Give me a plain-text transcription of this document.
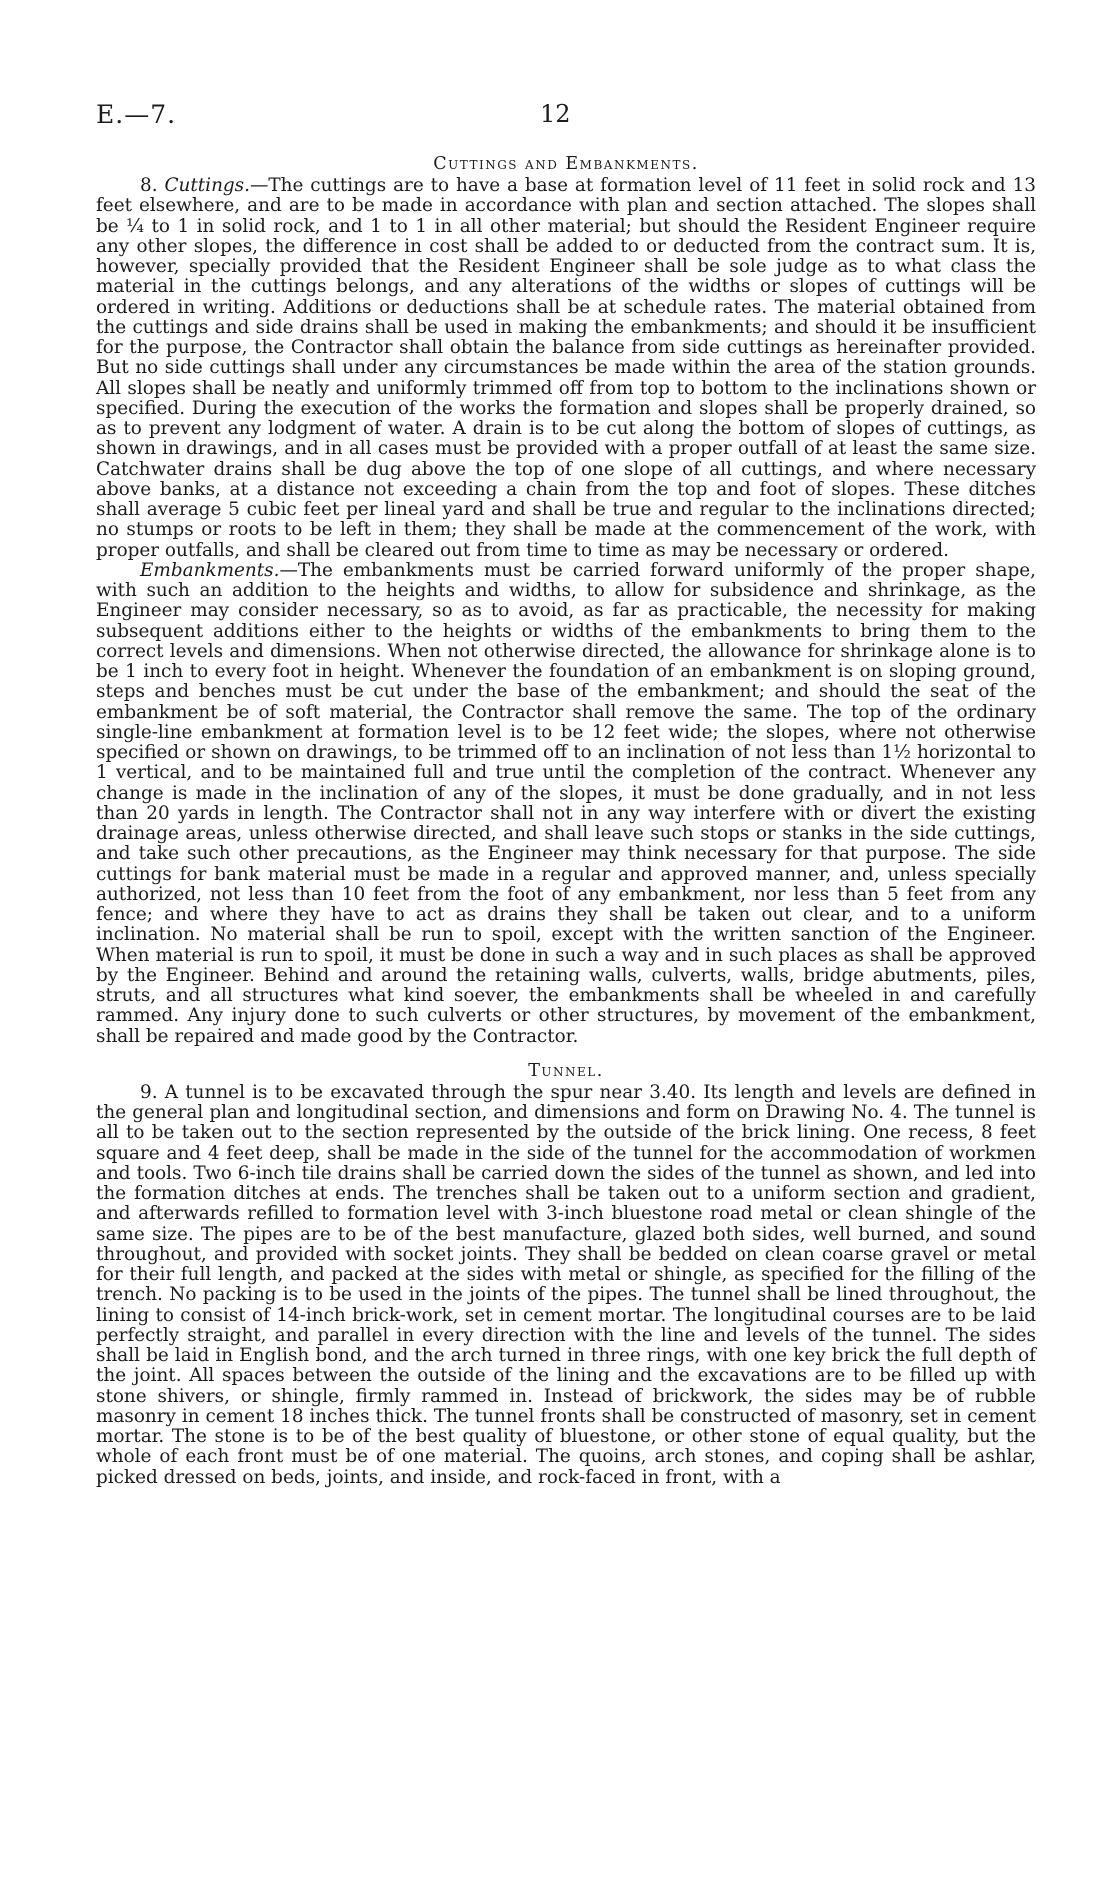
E.—7.	12
Cuttings and Embankments.

8. Cuttings.—The cuttings are to have a base at formation level of 11 feet in solid rock and 13 feet elsewhere, and are to be made in accordance with plan and section attached. The slopes shall be ¼ to 1 in solid rock, and 1 to 1 in all other material; but should the Resident Engineer require any other slopes, the difference in cost shall be added to or deducted from the contract sum. It is, however, specially provided that the Resident Engineer shall be sole judge as to what class the material in the cuttings belongs, and any alterations of the widths or slopes of cuttings will be ordered in writing. Additions or deductions shall be at schedule rates. The material obtained from the cuttings and side drains shall be used in making the embankments; and should it be insufficient for the purpose, the Contractor shall obtain the balance from side cuttings as hereinafter provided. But no side cuttings shall under any circumstances be made within the area of the station grounds. All slopes shall be neatly and uniformly trimmed off from top to bottom to the inclinations shown or specified. During the execution of the works the formation and slopes shall be properly drained, so as to prevent any lodgment of water. A drain is to be cut along the bottom of slopes of cuttings, as shown in drawings, and in all cases must be provided with a proper outfall of at least the same size. Catchwater drains shall be dug above the top of one slope of all cuttings, and where necessary above banks, at a distance not exceeding a chain from the top and foot of slopes. These ditches shall average 5 cubic feet per lineal yard and shall be true and regular to the inclinations directed; no stumps or roots to be left in them; they shall be made at the commencement of the work, with proper outfalls, and shall be cleared out from time to time as may be necessary or ordered.

Embankments.—The embankments must be carried forward uniformly of the proper shape, with such an addition to the heights and widths, to allow for subsidence and shrinkage, as the Engineer may consider necessary, so as to avoid, as far as practicable, the necessity for making subsequent additions either to the heights or widths of the embankments to bring them to the correct levels and dimensions. When not otherwise directed, the allowance for shrinkage alone is to be 1 inch to every foot in height. Whenever the foundation of an embankment is on sloping ground, steps and benches must be cut under the base of the embankment; and should the seat of the embankment be of soft material, the Contractor shall remove the same. The top of the ordinary single-line embankment at formation level is to be 12 feet wide; the slopes, where not otherwise specified or shown on drawings, to be trimmed off to an inclination of not less than 1½ horizontal to 1 vertical, and to be maintained full and true until the completion of the contract. Whenever any change is made in the inclination of any of the slopes, it must be done gradually, and in not less than 20 yards in length. The Contractor shall not in any way interfere with or divert the existing drainage areas, unless otherwise directed, and shall leave such stops or stanks in the side cuttings, and take such other precautions, as the Engineer may think necessary for that purpose. The side cuttings for bank material must be made in a regular and approved manner, and, unless specially authorized, not less than 10 feet from the foot of any embankment, nor less than 5 feet from any fence; and where they have to act as drains they shall be taken out clear, and to a uniform inclination. No material shall be run to spoil, except with the written sanction of the Engineer. When material is run to spoil, it must be done in such a way and in such places as shall be approved by the Engineer. Behind and around the retaining walls, culverts, walls, bridge abutments, piles, struts, and all structures what kind soever, the embankments shall be wheeled in and carefully rammed. Any injury done to such culverts or other structures, by movement of the embankment, shall be repaired and made good by the Contractor.

Tunnel.

9. A tunnel is to be excavated through the spur near 3.40. Its length and levels are defined in the general plan and longitudinal section, and dimensions and form on Drawing No. 4. The tunnel is all to be taken out to the section represented by the outside of the brick lining. One recess, 8 feet square and 4 feet deep, shall be made in the side of the tunnel for the accommodation of workmen and tools. Two 6-inch tile drains shall be carried down the sides of the tunnel as shown, and led into the formation ditches at ends. The trenches shall be taken out to a uniform section and gradient, and afterwards refilled to formation level with 3-inch bluestone road metal or clean shingle of the same size. The pipes are to be of the best manufacture, glazed both sides, well burned, and sound throughout, and provided with socket joints. They shall be bedded on clean coarse gravel or metal for their full length, and packed at the sides with metal or shingle, as specified for the filling of the trench. No packing is to be used in the joints of the pipes. The tunnel shall be lined throughout, the lining to consist of 14-inch brick-work, set in cement mortar. The longitudinal courses are to be laid perfectly straight, and parallel in every direction with the line and levels of the tunnel. The sides shall be laid in English bond, and the arch turned in three rings, with one key brick the full depth of the joint. All spaces between the outside of the lining and the excavations are to be filled up with stone shivers, or shingle, firmly rammed in. Instead of brickwork, the sides may be of rubble masonry in cement 18 inches thick. The tunnel fronts shall be constructed of masonry, set in cement mortar. The stone is to be of the best quality of bluestone, or other stone of equal quality, but the whole of each front must be of one material. The quoins, arch stones, and coping shall be ashlar, picked dressed on beds, joints, and inside, and rock-faced in front, with a
